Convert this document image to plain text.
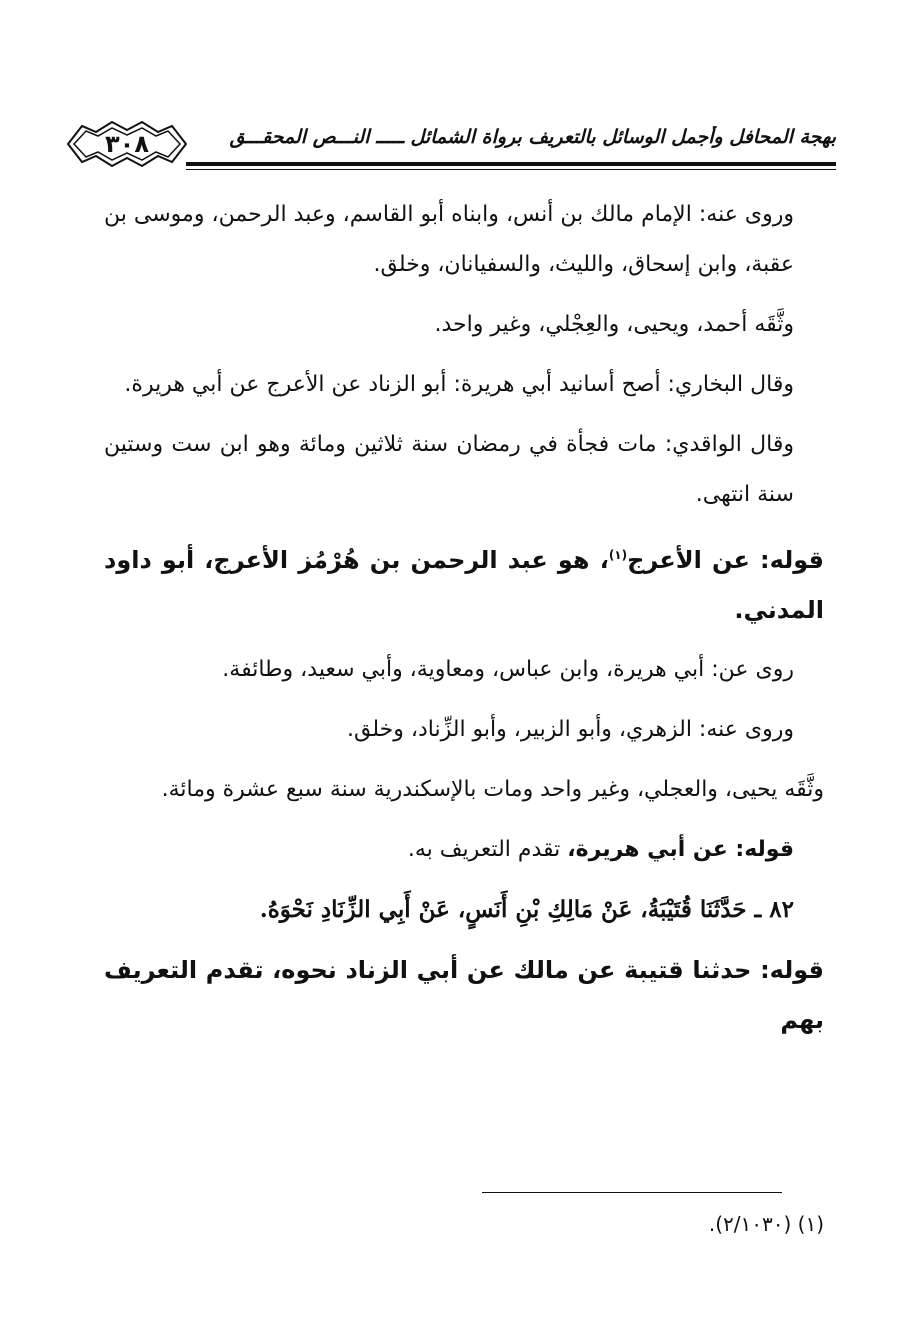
٣٠٨	بهجة المحافل وأجمل الوسائل بالتعريف برواة الشمائل ـــــ النـــص المحقـــق

وروى عنه: الإمام مالك بن أنس، وابناه أبو القاسم، وعبد الرحمن، وموسى بن عقبة، وابن إسحاق، والليث، والسفيانان، وخلق.

وثَّقَه أحمد، ويحيى، والعِجْلي، وغير واحد.

وقال البخاري: أصح أسانيد أبي هريرة: أبو الزناد عن الأعرج عن أبي هريرة.

وقال الواقدي: مات فجأة في رمضان سنة ثلاثين ومائة وهو ابن ست وستين سنة انتهى.

قوله: عن الأعرج$^{(١)}$، هو عبد الرحمن بن هُرْمُز الأعرج، أبو داود المدني.

روى عن: أبي هريرة، وابن عباس، ومعاوية، وأبي سعيد، وطائفة.

وروى عنه: الزهري، وأبو الزبير، وأبو الزِّناد، وخلق.

وثَّقَه يحيى، والعجلي، وغير واحد ومات بالإسكندرية سنة سبع عشرة ومائة.

قوله: عن أبي هريرة، تقدم التعريف به.

٨٢ ـ حَدَّثَنَا قُتَيْبَةُ، عَنْ مَالِكِ بْنِ أَنَسٍ، عَنْ أَبِي الزِّنَادِ نَحْوَهُ.

قوله: حدثنا قتيبة عن مالك عن أبي الزناد نحوه، تقدم التعريف بهم

(١) (٢/١٠٣٠).
